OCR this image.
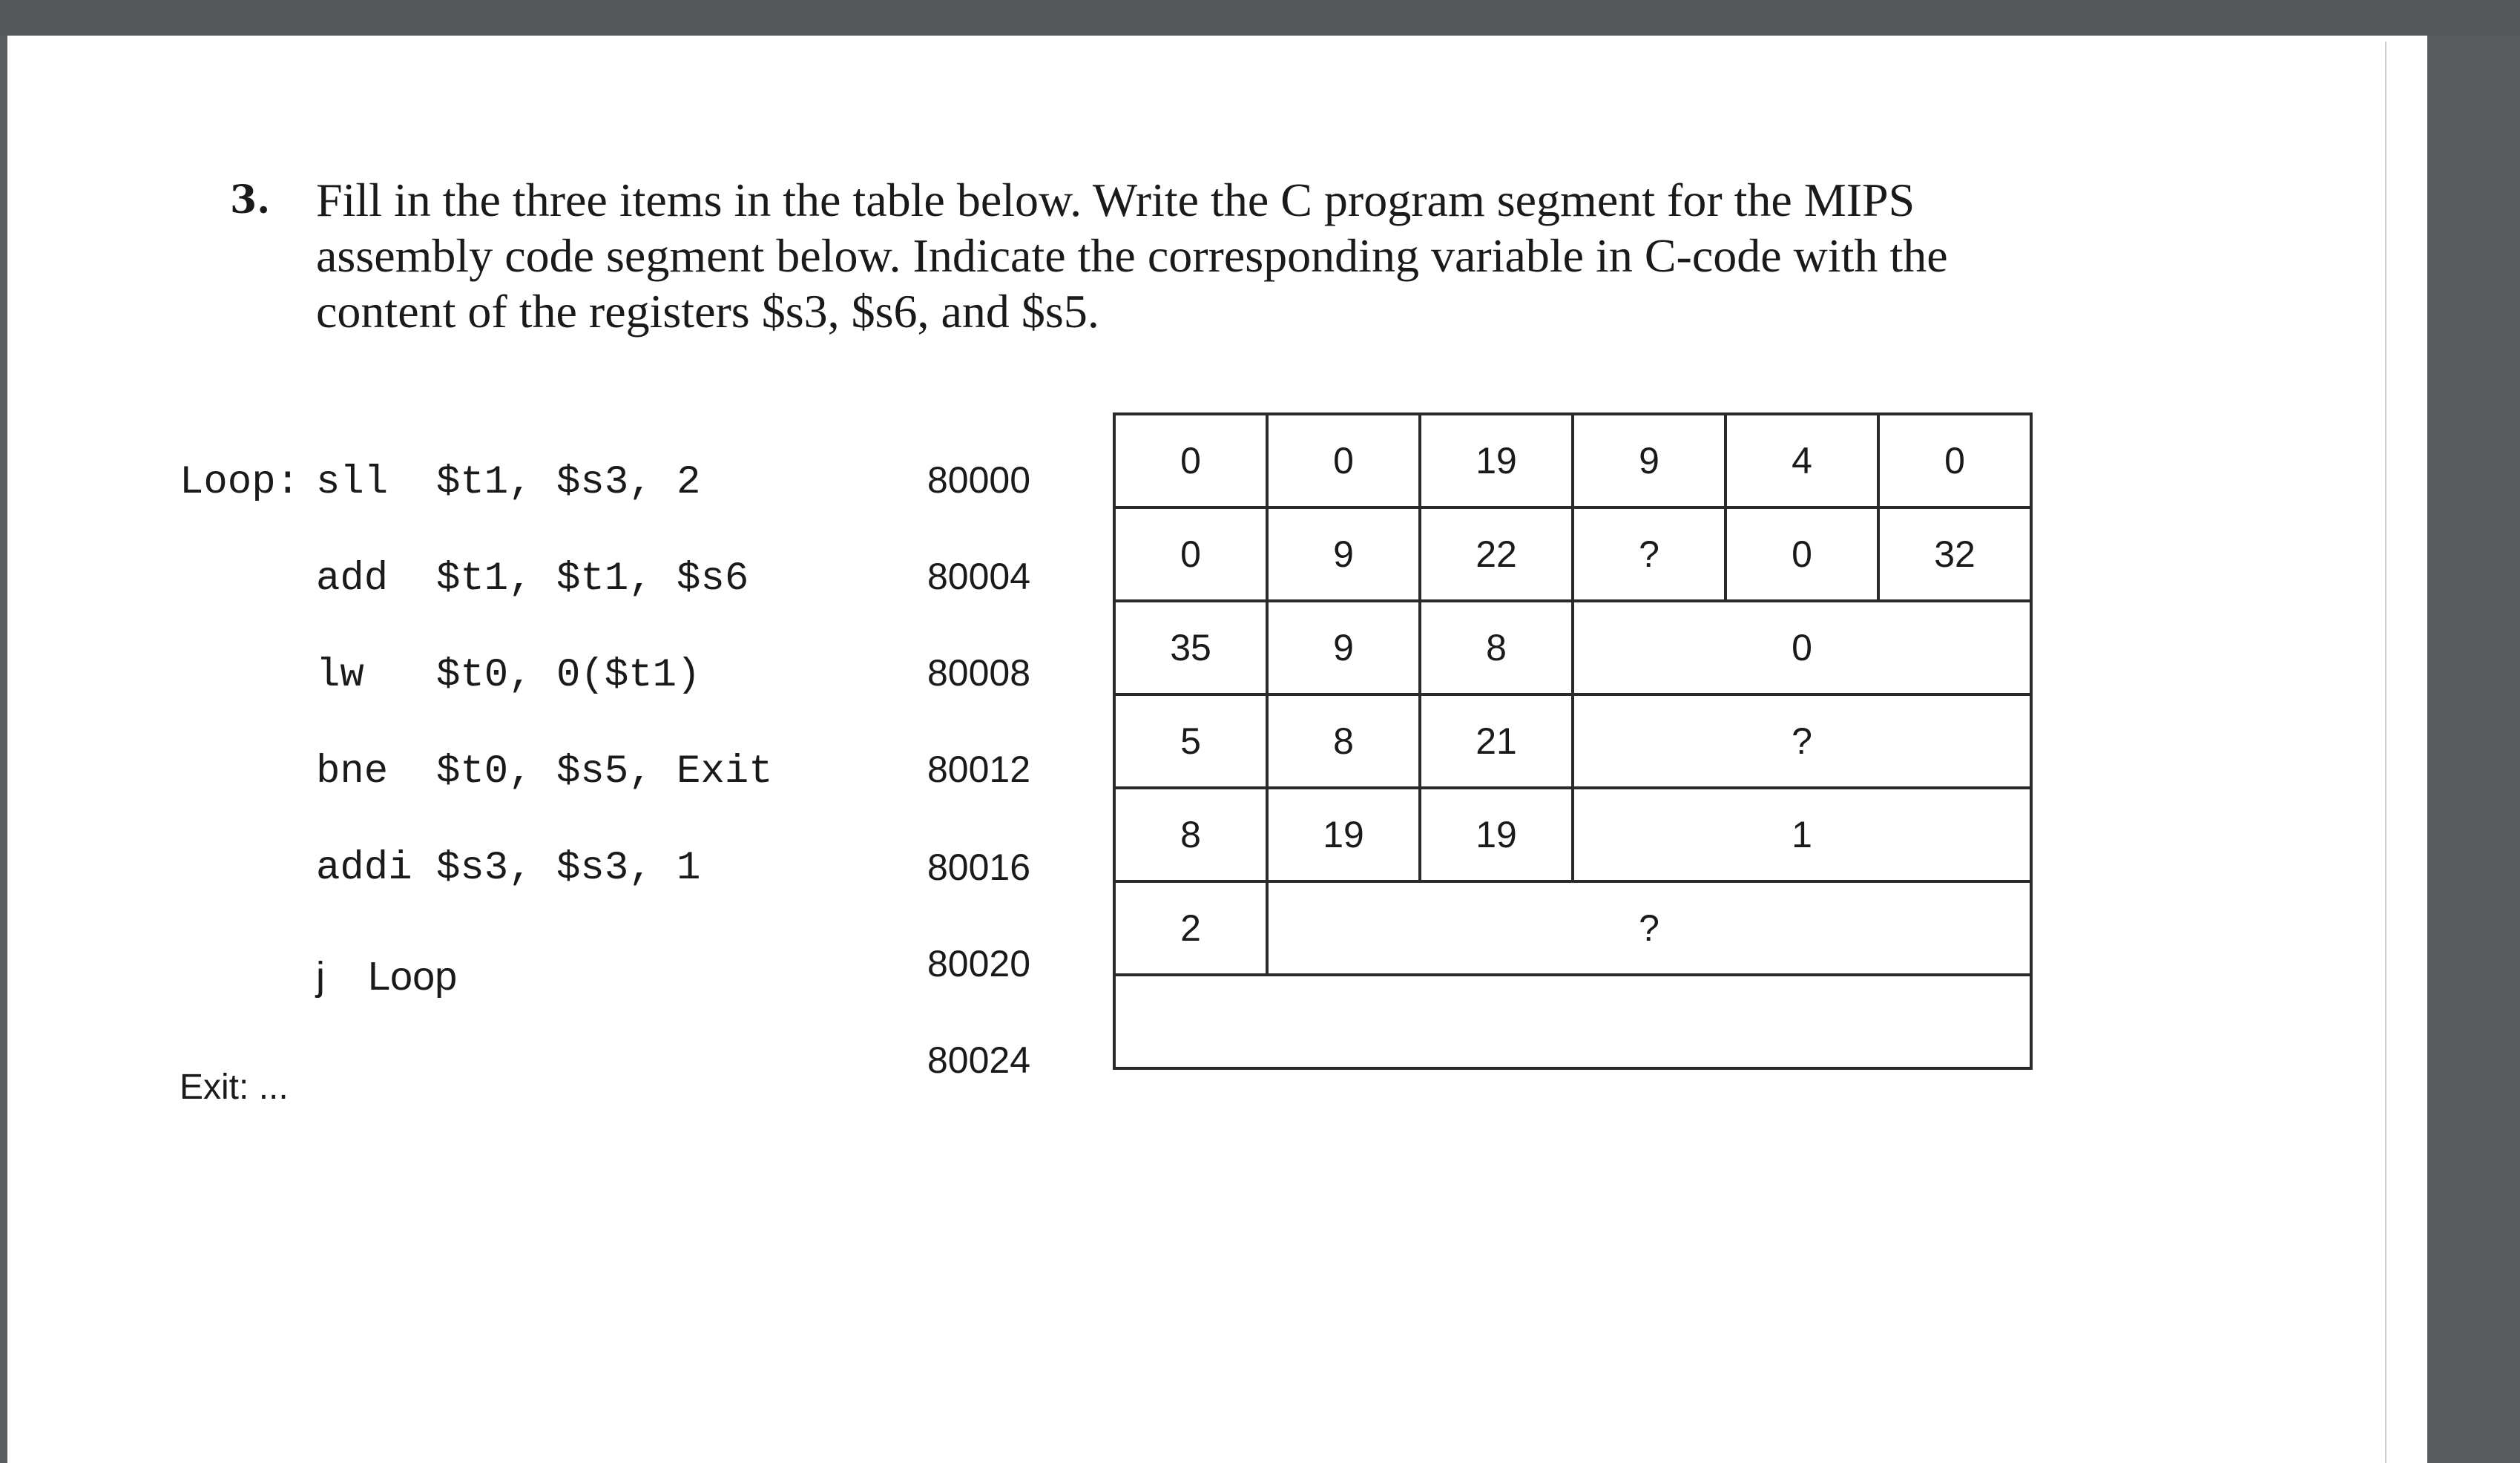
3. Fill in the three items in the table below. Write the C program segment for the MIPS
assembly code segment below. Indicate the corresponding variable in C-code with the
content of the registers $s3, $s6, and $s5.
Loop: sll $t1, $s3, 2	80000
add $t1, $t1, $s6	80004
lw $t0, 0($t1)	80008
bne $t0, $s5, Exit	80012
addi $s3, $s3, 1	80016
j Loop	80020
Exit: ...
80024
0	0	19	9	4	0
0	9	22	?	0	32
35	9	8	0		
5	8	21	?		
8	19	19	1		
2	?				
